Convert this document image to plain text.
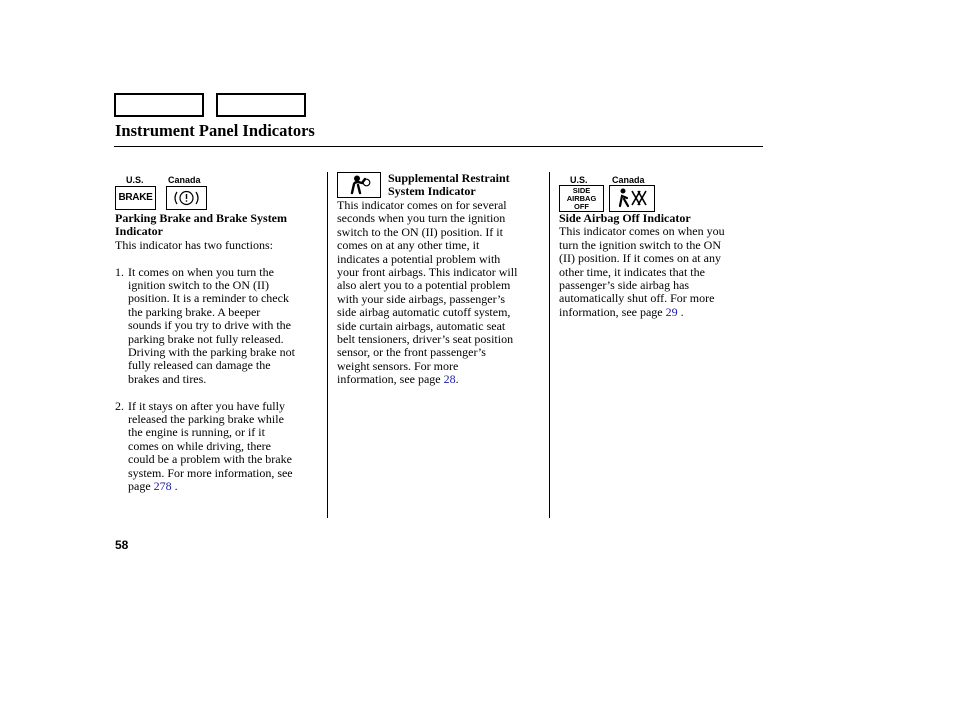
Instrument Panel Indicators
U.S.	Canada
BRAKE

Parking Brake and Brake System

Indicator

This indicator has two functions:

1. It comes on when you turn the

ignition switch to the ON (II)

position. It is a reminder to check

the parking brake. A beeper

sounds if you try to drive with the

parking brake not fully released.

Driving with the parking brake not

fully released can damage the

brakes and tires.

2. If it stays on after you have fully

released the parking brake while

the engine is running, or if it

comes on while driving, there

could be a problem with the brake

system. For more information, see

page 278 .

Supplemental Restraint

System Indicator

This indicator comes on for several

seconds when you turn the ignition

switch to the ON (II) position. If it

comes on at any other time, it

indicates a potential problem with

your front airbags. This indicator will

also alert you to a potential problem

with your side airbags, passenger’s

side airbag automatic cutoff system,

side curtain airbags, automatic seat

belt tensioners, driver’s seat position

sensor, or the front passenger’s

weight sensors. For more

information, see page 28.

U.S.	Canada
SIDE
AIRBAG
OFF

Side Airbag Off Indicator

This indicator comes on when you

turn the ignition switch to the ON

(II) position. If it comes on at any

other time, it indicates that the

passenger’s side airbag has

automatically shut off. For more

information, see page 29 .

58
